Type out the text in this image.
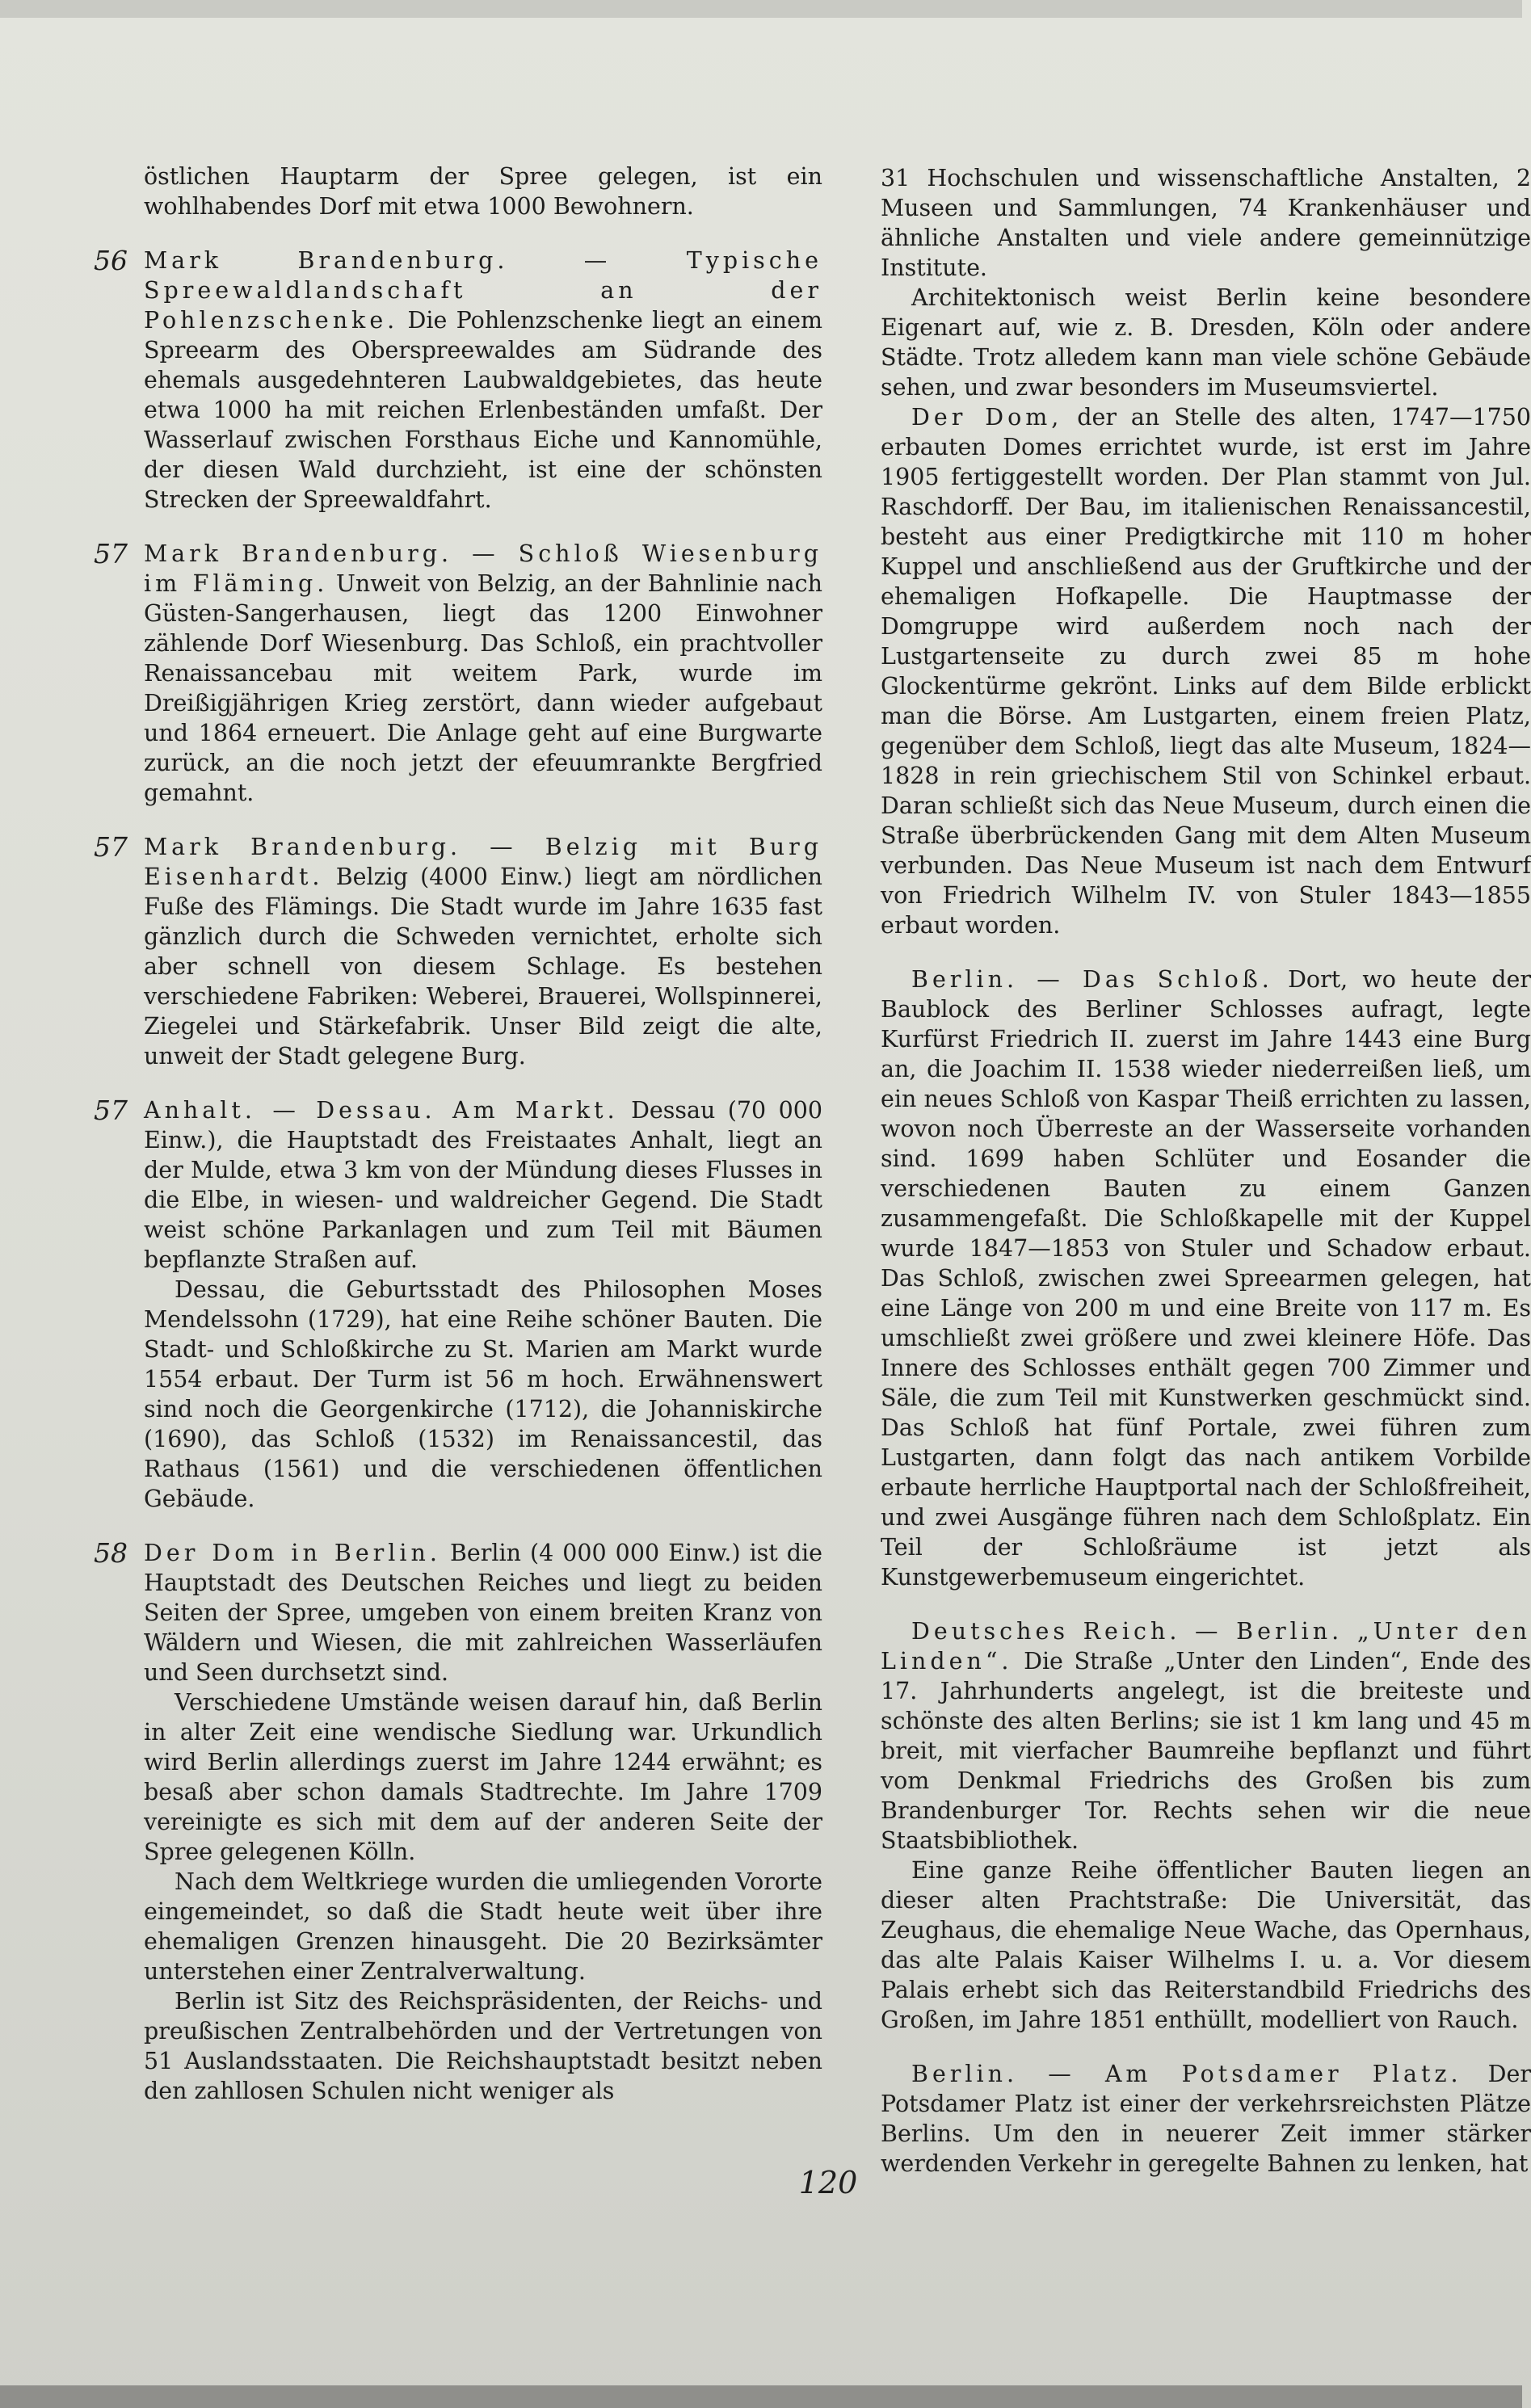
östlichen Hauptarm der Spree gelegen, ist ein wohlhabendes Dorf mit etwa 1000 Bewohnern.

56 Mark Brandenburg. — Typische Spreewaldlandschaft an der Pohlenzschenke. Die Pohlenzschenke liegt an einem Spreearm des Oberspreewaldes am Südrande des ehemals ausgedehnteren Laubwaldgebietes, das heute etwa 1000 ha mit reichen Erlenbeständen umfaßt. Der Wasserlauf zwischen Forsthaus Eiche und Kannomühle, der diesen Wald durchzieht, ist eine der schönsten Strecken der Spreewaldfahrt.

57 Mark Brandenburg. — Schloß Wiesenburg im Fläming. Unweit von Belzig, an der Bahnlinie nach Güsten-Sangerhausen, liegt das 1200 Einwohner zählende Dorf Wiesenburg. Das Schloß, ein prachtvoller Renaissancebau mit weitem Park, wurde im Dreißigjährigen Krieg zerstört, dann wieder aufgebaut und 1864 erneuert. Die Anlage geht auf eine Burgwarte zurück, an die noch jetzt der efeuumrankte Bergfried gemahnt.

57 Mark Brandenburg. — Belzig mit Burg Eisenhardt. Belzig (4000 Einw.) liegt am nördlichen Fuße des Flämings. Die Stadt wurde im Jahre 1635 fast gänzlich durch die Schweden vernichtet, erholte sich aber schnell von diesem Schlage. Es bestehen verschiedene Fabriken: Weberei, Brauerei, Wollspinnerei, Ziegelei und Stärkefabrik. Unser Bild zeigt die alte, unweit der Stadt gelegene Burg.

57 Anhalt. — Dessau. Am Markt. Dessau (70 000 Einw.), die Hauptstadt des Freistaates Anhalt, liegt an der Mulde, etwa 3 km von der Mündung dieses Flusses in die Elbe, in wiesen- und waldreicher Gegend. Die Stadt weist schöne Parkanlagen und zum Teil mit Bäumen bepflanzte Straßen auf.

Dessau, die Geburtsstadt des Philosophen Moses Mendelssohn (1729), hat eine Reihe schöner Bauten. Die Stadt- und Schloßkirche zu St. Marien am Markt wurde 1554 erbaut. Der Turm ist 56 m hoch. Erwähnenswert sind noch die Georgenkirche (1712), die Johanniskirche (1690), das Schloß (1532) im Renaissancestil, das Rathaus (1561) und die verschiedenen öffentlichen Gebäude.

58 Der Dom in Berlin. Berlin (4 000 000 Einw.) ist die Hauptstadt des Deutschen Reiches und liegt zu beiden Seiten der Spree, umgeben von einem breiten Kranz von Wäldern und Wiesen, die mit zahlreichen Wasserläufen und Seen durchsetzt sind.

Verschiedene Umstände weisen darauf hin, daß Berlin in alter Zeit eine wendische Siedlung war. Urkundlich wird Berlin allerdings zuerst im Jahre 1244 erwähnt; es besaß aber schon damals Stadtrechte. Im Jahre 1709 vereinigte es sich mit dem auf der anderen Seite der Spree gelegenen Kölln.

Nach dem Weltkriege wurden die umliegenden Vororte eingemeindet, so daß die Stadt heute weit über ihre ehemaligen Grenzen hinausgeht. Die 20 Bezirksämter unterstehen einer Zentralverwaltung.

Berlin ist Sitz des Reichspräsidenten, der Reichs- und preußischen Zentralbehörden und der Vertretungen von 51 Auslandsstaaten. Die Reichshauptstadt besitzt neben den zahllosen Schulen nicht weniger als

31 Hochschulen und wissenschaftliche Anstalten, 2 Museen und Sammlungen, 74 Krankenhäuser und ähnliche Anstalten und viele andere gemeinnützige Institute.

Architektonisch weist Berlin keine besondere Eigenart auf, wie z. B. Dresden, Köln oder andere Städte. Trotz alledem kann man viele schöne Gebäude sehen, und zwar besonders im Museumsviertel.

Der Dom, der an Stelle des alten, 1747—1750 erbauten Domes errichtet wurde, ist erst im Jahre 1905 fertiggestellt worden. Der Plan stammt von Jul. Raschdorff. Der Bau, im italienischen Renaissancestil, besteht aus einer Predigtkirche mit 110 m hoher Kuppel und anschließend aus der Gruftkirche und der ehemaligen Hofkapelle. Die Hauptmasse der Domgruppe wird außerdem noch nach der Lustgartenseite zu durch zwei 85 m hohe Glockentürme gekrönt. Links auf dem Bilde erblickt man die Börse. Am Lustgarten, einem freien Platz, gegenüber dem Schloß, liegt das alte Museum, 1824—1828 in rein griechischem Stil von Schinkel erbaut. Daran schließt sich das Neue Museum, durch einen die Straße überbrückenden Gang mit dem Alten Museum verbunden. Das Neue Museum ist nach dem Entwurf von Friedrich Wilhelm IV. von Stuler 1843—1855 erbaut worden.

Berlin. — Das Schloß. Dort, wo heute der Baublock des Berliner Schlosses aufragt, legte Kurfürst Friedrich II. zuerst im Jahre 1443 eine Burg an, die Joachim II. 1538 wieder niederreißen ließ, um ein neues Schloß von Kaspar Theiß errichten zu lassen, wovon noch Überreste an der Wasserseite vorhanden sind. 1699 haben Schlüter und Eosander die verschiedenen Bauten zu einem Ganzen zusammengefaßt. Die Schloßkapelle mit der Kuppel wurde 1847—1853 von Stuler und Schadow erbaut. Das Schloß, zwischen zwei Spreearmen gelegen, hat eine Länge von 200 m und eine Breite von 117 m. Es umschließt zwei größere und zwei kleinere Höfe. Das Innere des Schlosses enthält gegen 700 Zimmer und Säle, die zum Teil mit Kunstwerken geschmückt sind. Das Schloß hat fünf Portale, zwei führen zum Lustgarten, dann folgt das nach antikem Vorbilde erbaute herrliche Hauptportal nach der Schloßfreiheit, und zwei Ausgänge führen nach dem Schloßplatz. Ein Teil der Schloßräume ist jetzt als Kunstgewerbemuseum eingerichtet.

Deutsches Reich. — Berlin. „Unter den Linden“. Die Straße „Unter den Linden“, Ende des 17. Jahrhunderts angelegt, ist die breiteste und schönste des alten Berlins; sie ist 1 km lang und 45 m breit, mit vierfacher Baumreihe bepflanzt und führt vom Denkmal Friedrichs des Großen bis zum Brandenburger Tor. Rechts sehen wir die neue Staatsbibliothek.

Eine ganze Reihe öffentlicher Bauten liegen an dieser alten Prachtstraße: Die Universität, das Zeughaus, die ehemalige Neue Wache, das Opernhaus, das alte Palais Kaiser Wilhelms I. u. a. Vor diesem Palais erhebt sich das Reiterstandbild Friedrichs des Großen, im Jahre 1851 enthüllt, modelliert von Rauch.

Berlin. — Am Potsdamer Platz. Der Potsdamer Platz ist einer der verkehrsreichsten Plätze Berlins. Um den in neuerer Zeit immer stärker werdenden Verkehr in geregelte Bahnen zu lenken, hat

120
